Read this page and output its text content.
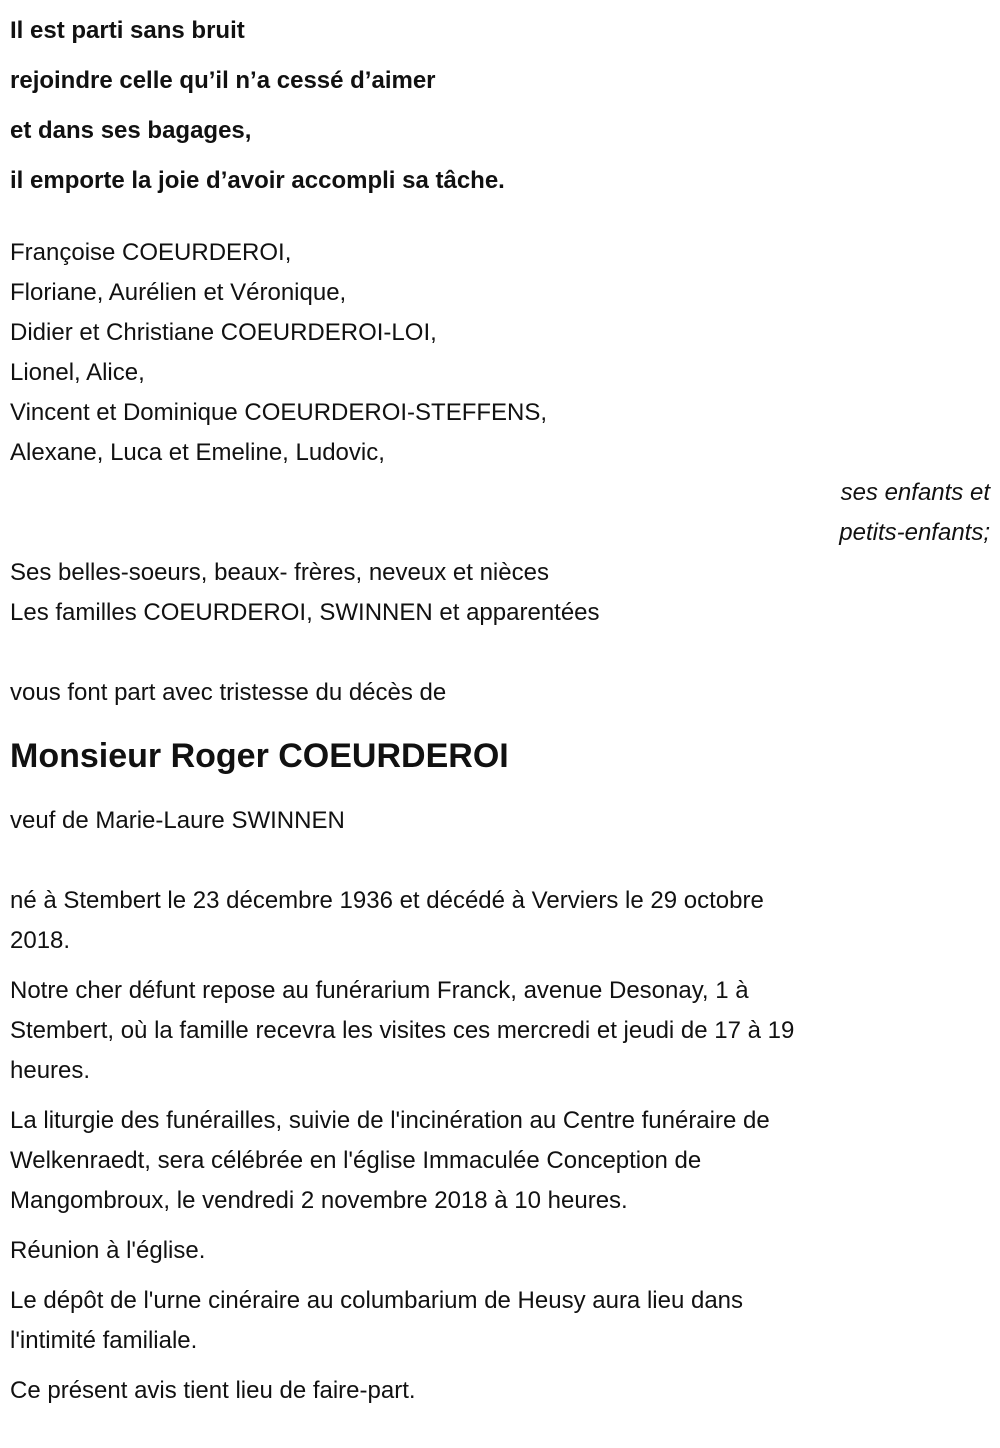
Il est parti sans bruit
rejoindre celle qu’il n’a cessé d’aimer
et dans ses bagages,
il emporte la joie d’avoir accompli sa tâche.
Françoise COEURDEROI,
Floriane, Aurélien et Véronique,
Didier et Christiane COEURDEROI-LOI,
Lionel, Alice,
Vincent et Dominique COEURDEROI-STEFFENS,
Alexane, Luca et Emeline, Ludovic,
ses enfants et
petits-enfants;
Ses belles-soeurs, beaux- frères, neveux et nièces
Les familles COEURDEROI, SWINNEN et apparentées
vous font part avec tristesse du décès de
Monsieur Roger COEURDEROI
veuf de Marie-Laure SWINNEN
né à Stembert le 23 décembre 1936 et décédé à Verviers le 29 octobre
2018.
Notre cher défunt repose au funérarium Franck, avenue Desonay, 1 à
Stembert, où la famille recevra les visites ces mercredi et jeudi de 17 à 19
heures.
La liturgie des funérailles, suivie de l'incinération au Centre funéraire de
Welkenraedt, sera célébrée en l'église Immaculée Conception de
Mangombroux, le vendredi 2 novembre 2018 à 10 heures.
Réunion à l'église.
Le dépôt de l'urne cinéraire au columbarium de Heusy aura lieu dans
l'intimité familiale.
Ce présent avis tient lieu de faire-part.
